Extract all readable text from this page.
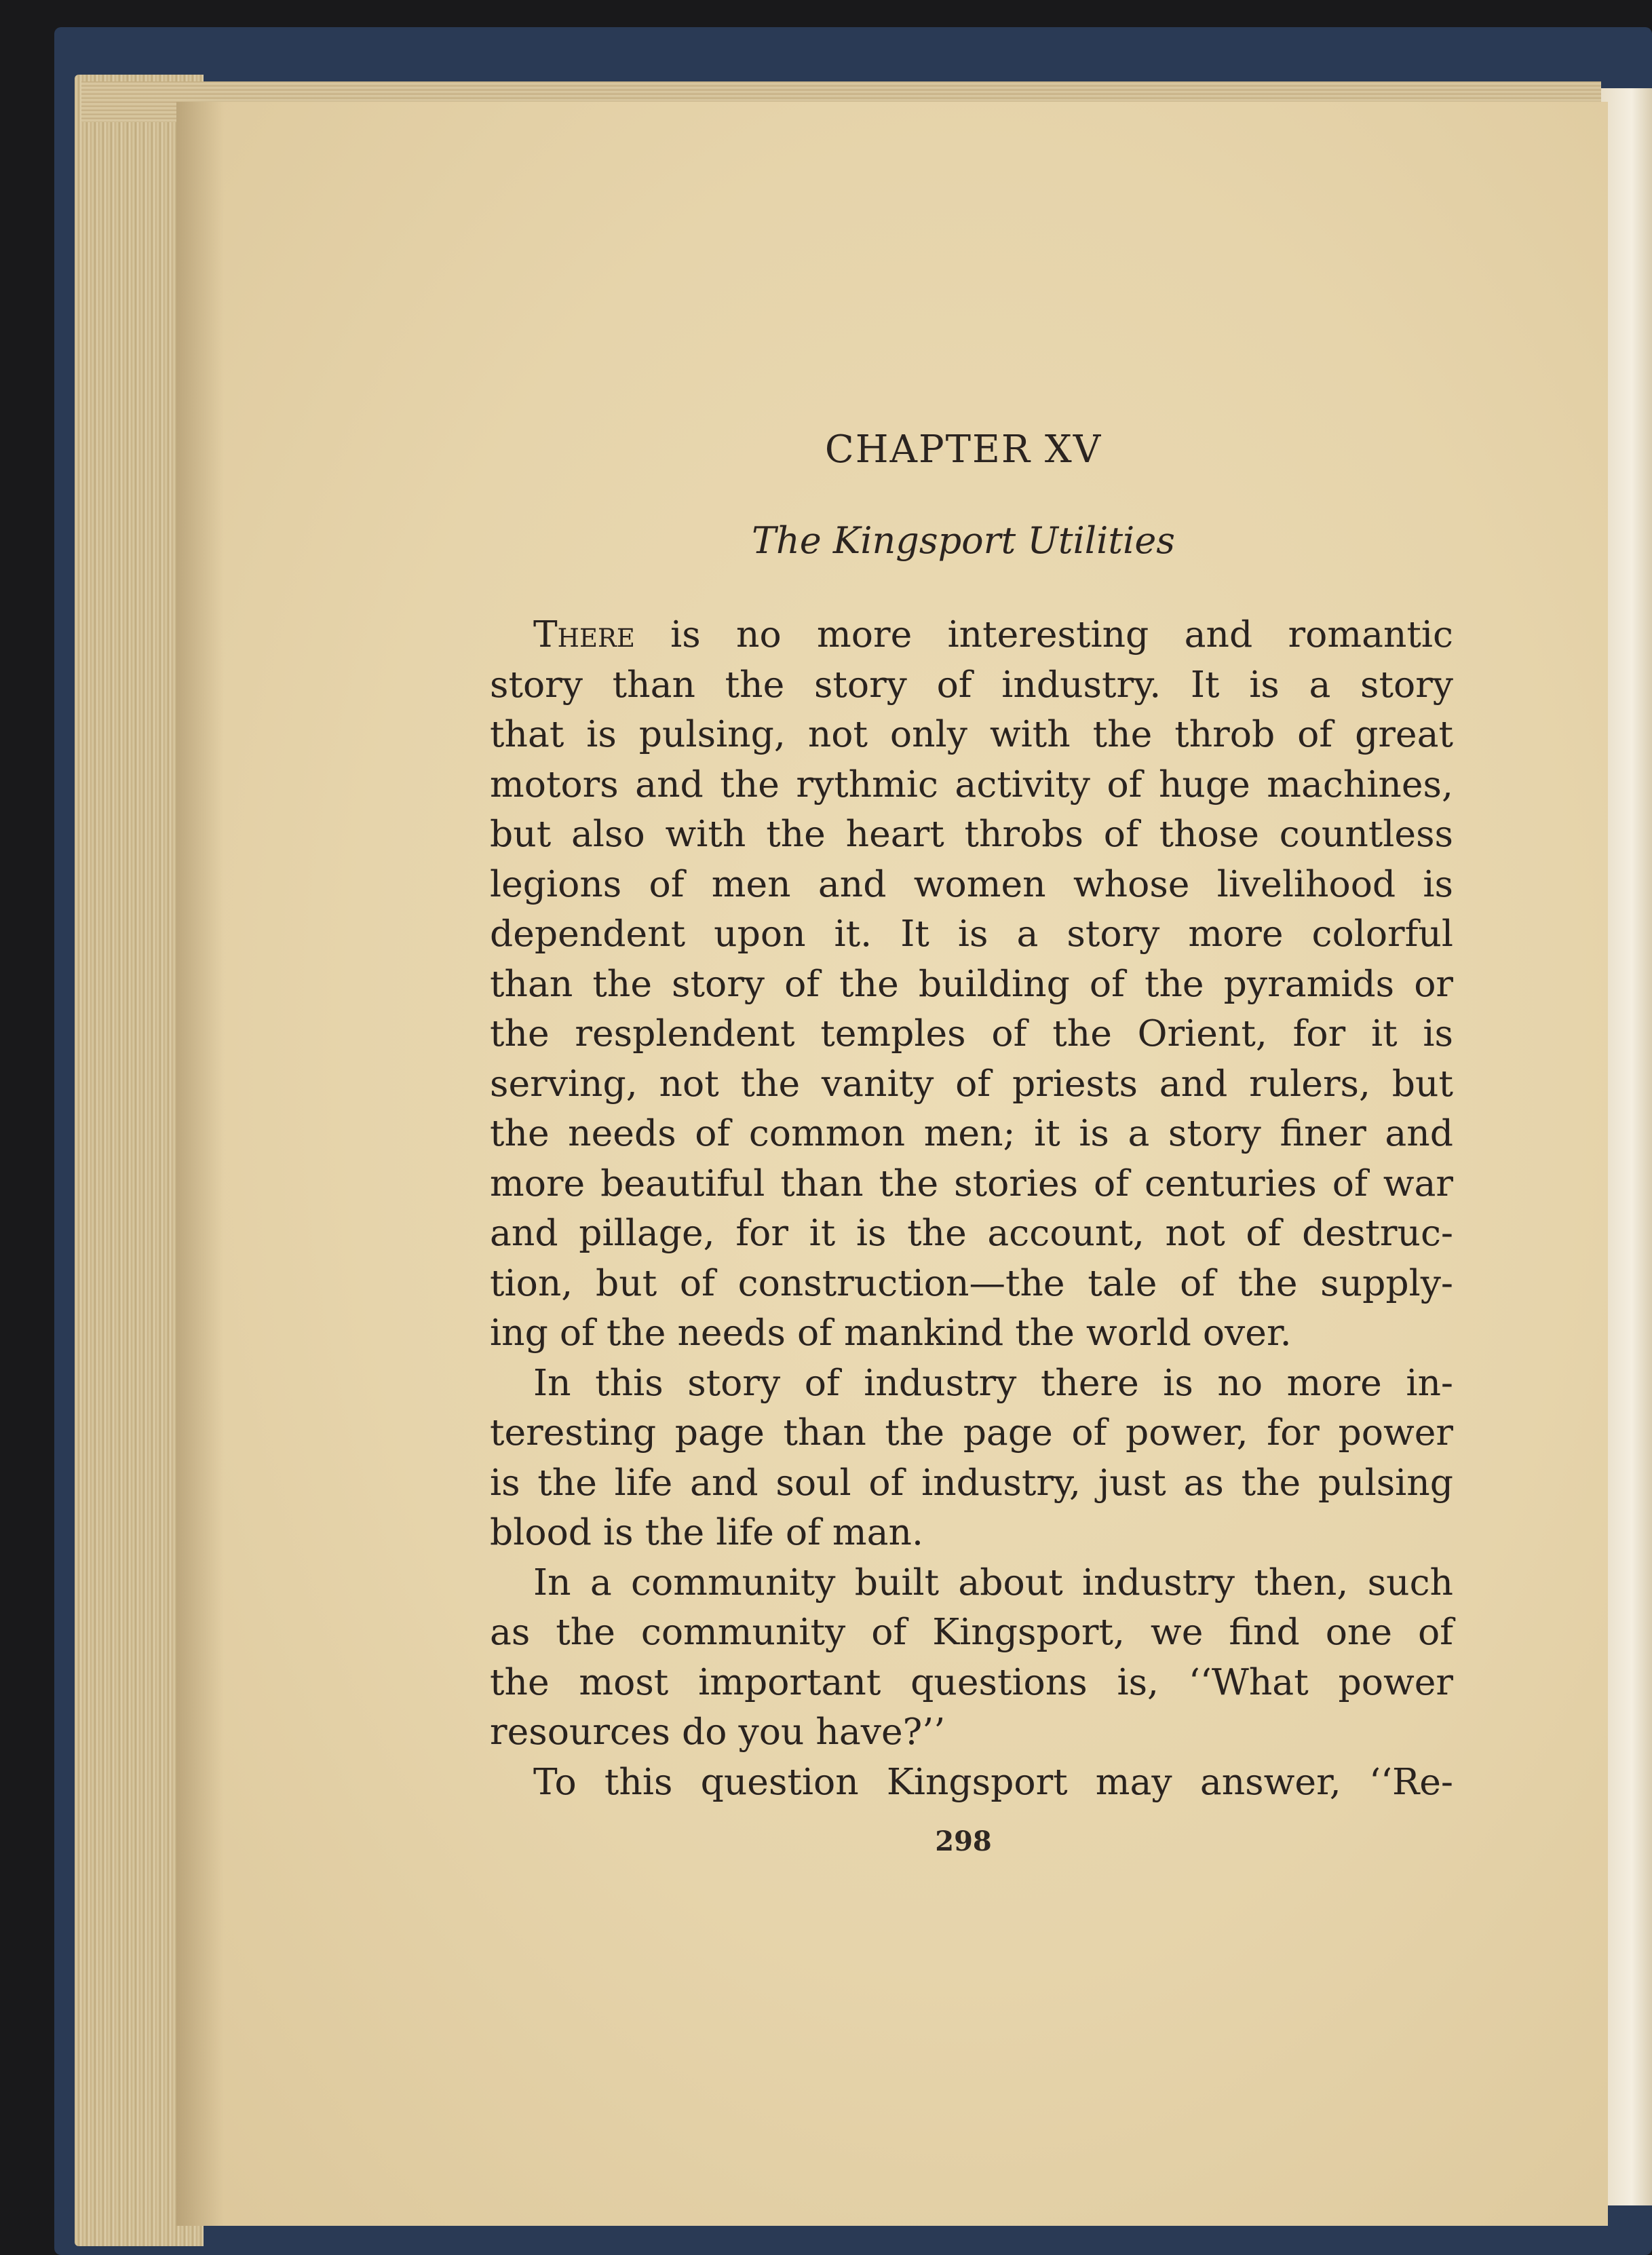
CHAPTER XV
The Kingsport Utilities
There is no more interesting and romantic
story than the story of industry. It is a story
that is pulsing, not only with the throb of great
motors and the rythmic activity of huge machines,
but also with the heart throbs of those countless
legions of men and women whose livelihood is
dependent upon it. It is a story more colorful
than the story of the building of the pyramids or
the resplendent temples of the Orient, for it is
serving, not the vanity of priests and rulers, but
the needs of common men; it is a story finer and
more beautiful than the stories of centuries of war
and pillage, for it is the account, not of destruc-
tion, but of construction—the tale of the supply-
ing of the needs of mankind the world over.
In this story of industry there is no more in-
teresting page than the page of power, for power
is the life and soul of industry, just as the pulsing
blood is the life of man.
In a community built about industry then, such
as the community of Kingsport, we find one of
the most important questions is, ‘‘What power
resources do you have?’’
To this question Kingsport may answer, ‘‘Re-
298
